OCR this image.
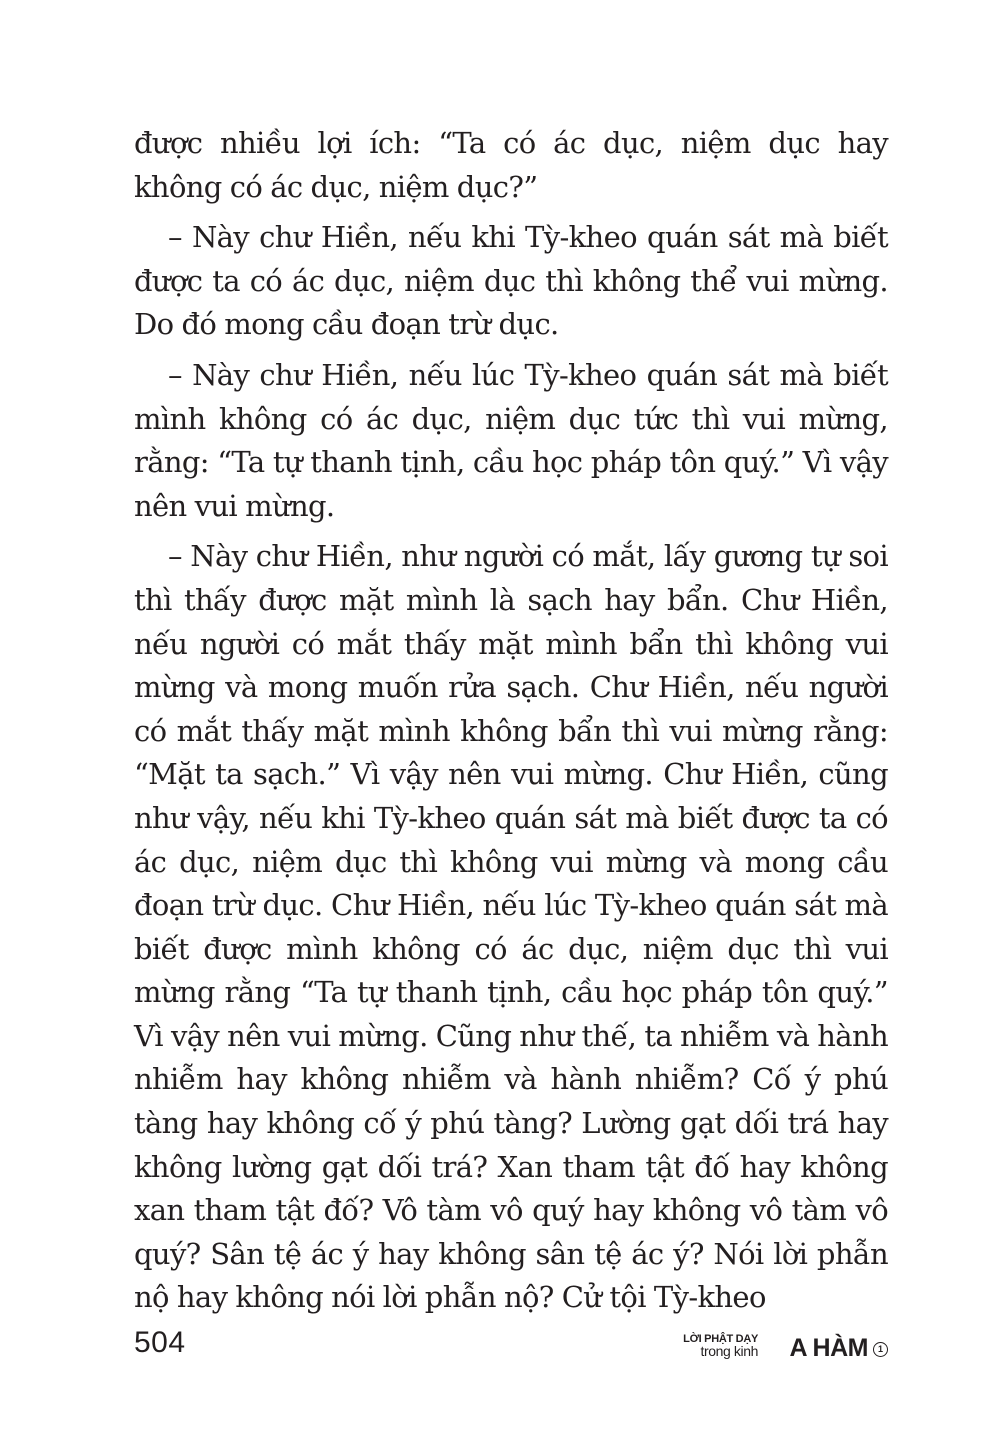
được nhiều lợi ích: “Ta có ác dục, niệm dục hay không có ác dục, niệm dục?”

– Này chư Hiền, nếu khi Tỳ-kheo quán sát mà biết được ta có ác dục, niệm dục thì không thể vui mừng. Do đó mong cầu đoạn trừ dục.

– Này chư Hiền, nếu lúc Tỳ-kheo quán sát mà biết mình không có ác dục, niệm dục tức thì vui mừng, rằng: “Ta tự thanh tịnh, cầu học pháp tôn quý.” Vì vậy nên vui mừng.

– Này chư Hiền, như người có mắt, lấy gương tự soi thì thấy được mặt mình là sạch hay bẩn. Chư Hiền, nếu người có mắt thấy mặt mình bẩn thì không vui mừng và mong muốn rửa sạch. Chư Hiền, nếu người có mắt thấy mặt mình không bẩn thì vui mừng rằng: “Mặt ta sạch.” Vì vậy nên vui mừng. Chư Hiền, cũng như vậy, nếu khi Tỳ-kheo quán sát mà biết được ta có ác dục, niệm dục thì không vui mừng và mong cầu đoạn trừ dục. Chư Hiền, nếu lúc Tỳ-kheo quán sát mà biết được mình không có ác dục, niệm dục thì vui mừng rằng “Ta tự thanh tịnh, cầu học pháp tôn quý.” Vì vậy nên vui mừng. Cũng như thế, ta nhiễm và hành nhiễm hay không nhiễm và hành nhiễm? Cố ý phú tàng hay không cố ý phú tàng? Lường gạt dối trá hay không lường gạt dối trá? Xan tham tật đố hay không xan tham tật đố? Vô tàm vô quý hay không vô tàm vô quý? Sân tệ ác ý hay không sân tệ ác ý? Nói lời phẫn nộ hay không nói lời phẫn nộ? Cử tội Tỳ-kheo

504	LỜI PHẬT DẠY
trong kinh A HÀM	1
